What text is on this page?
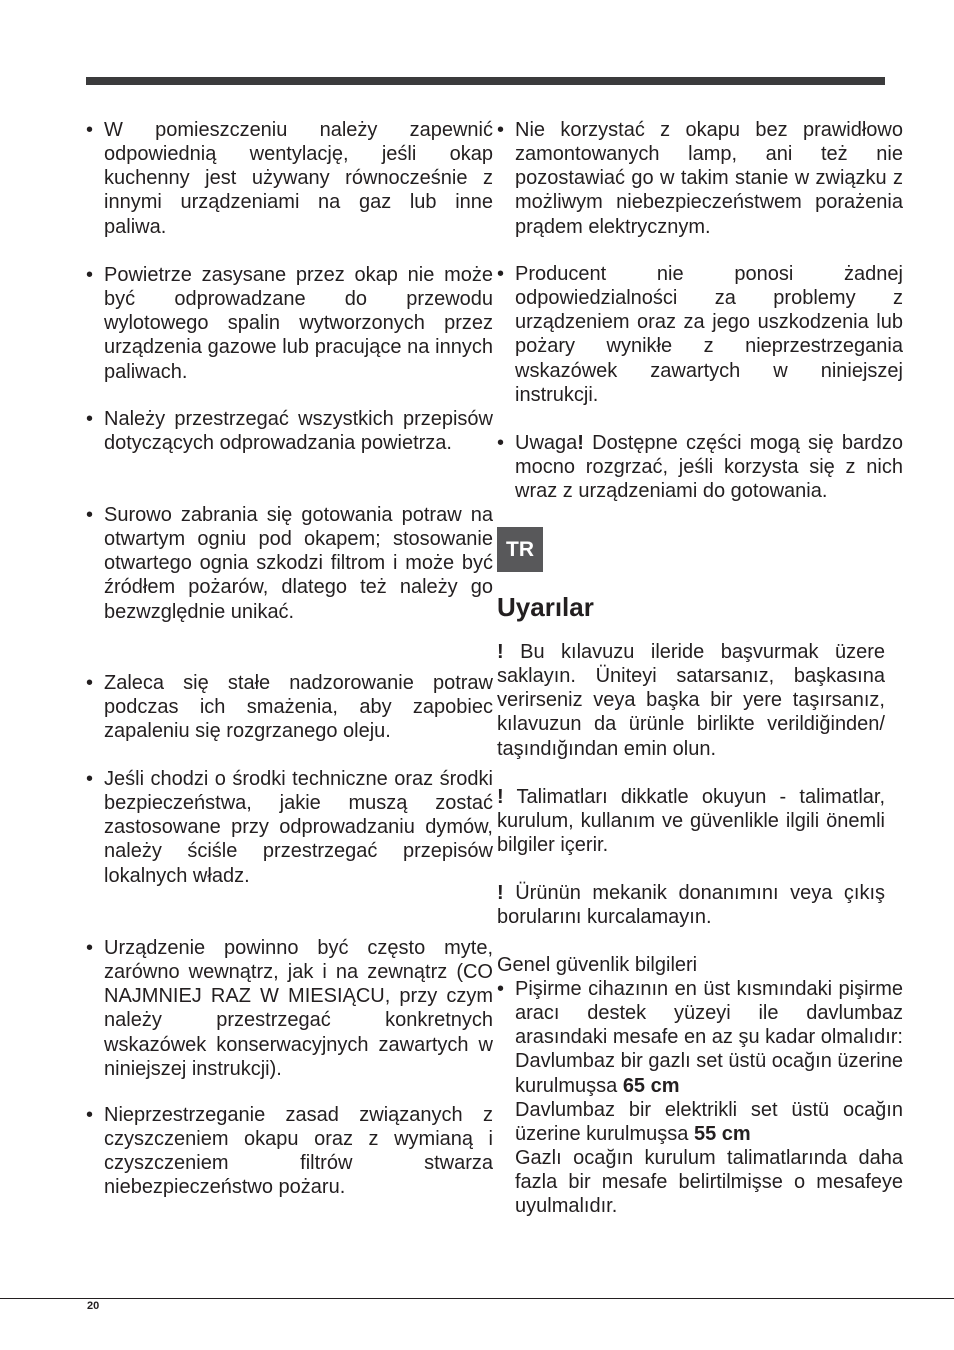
• Uwaga! Dostępne części mogą się bardzo mocno rozgrzać, jeśli korzysta się z nich wraz z urządzeniami do gotowania.
TR
Uyarılar
! Bu kılavuzu ileride başvurmak üzere saklayın. Üniteyi satarsanız, başkasına verirseniz veya başka bir yere taşırsanız, kılavuzun da ürünle birlikte verildiğinden/ taşındığından emin olun.
! Talimatları dikkatle okuyun - talimatlar, kurulum, kullanım ve güvenlikle ilgili önemli bilgiler içerir.
! Ürünün mekanik donanımını veya çıkış borularını kurcalamayın.
Genel güvenlik bilgileri
• Pişirme cihazının en üst kısmındaki pişirme aracı destek yüzeyi ile davlumbaz arasındaki mesafe en az şu kadar olmalıdır:
Davlumbaz bir gazlı set üstü ocağın üzerine kurulmuşsa 65 cm
Davlumbaz bir elektrikli set üstü ocağın üzerine kurulmuşsa 55 cm
Gazlı ocağın kurulum talimatlarında daha fazla bir mesafe belirtilmişse o mesafeye uyulmalıdır.
20
• W pomieszczeniu należy zapewnić odpowiednią wentylację, jeśli okap kuchenny jest używany równocześnie z innymi urządzeniami na gaz lub inne paliwa.
• Powietrze zasysane przez okap nie może być odprowadzane do przewodu wylotowego spalin wytworzonych przez urządzenia gazowe lub pracujące na innych paliwach.
• Należy przestrzegać wszystkich przepisów dotyczących odprowadzania powietrza.
• Surowo zabrania się gotowania potraw na otwartym ogniu pod okapem; stosowanie otwartego ognia szkodzi filtrom i może być źródłem pożarów, dlatego też należy go bezwzględnie unikać.
• Zaleca się stałe nadzorowanie potraw podczas ich smażenia, aby zapobiec zapaleniu się rozgrzanego oleju.
• Jeśli chodzi o środki techniczne oraz środki bezpieczeństwa, jakie muszą zostać zastosowane przy odprowadzaniu dymów, należy ściśle przestrzegać przepisów lokalnych władz.
• Urządzenie powinno być często myte, zarówno wewnątrz, jak i na zewnątrz (CO NAJMNIEJ RAZ W MIESIĄCU, przy czym należy przestrzegać konkretnych wskazówek konserwacyjnych zawartych w niniejszej instrukcji).
• Nieprzestrzeganie zasad związanych z czyszczeniem okapu oraz z wymianą i czyszczeniem filtrów stwarza niebezpieczeństwo pożaru.
• Nie korzystać z okapu bez prawidłowo zamontowanych lamp, ani też nie pozostawiać go w takim stanie w związku z możliwym niebezpieczeństwem porażenia prądem elektrycznym.
• Producent nie ponosi żadnej odpowiedzialności za problemy z urządzeniem oraz za jego uszkodzenia lub pożary wynikłe z nieprzestrzegania wskazówek zawartych w niniejszej instrukcji.
